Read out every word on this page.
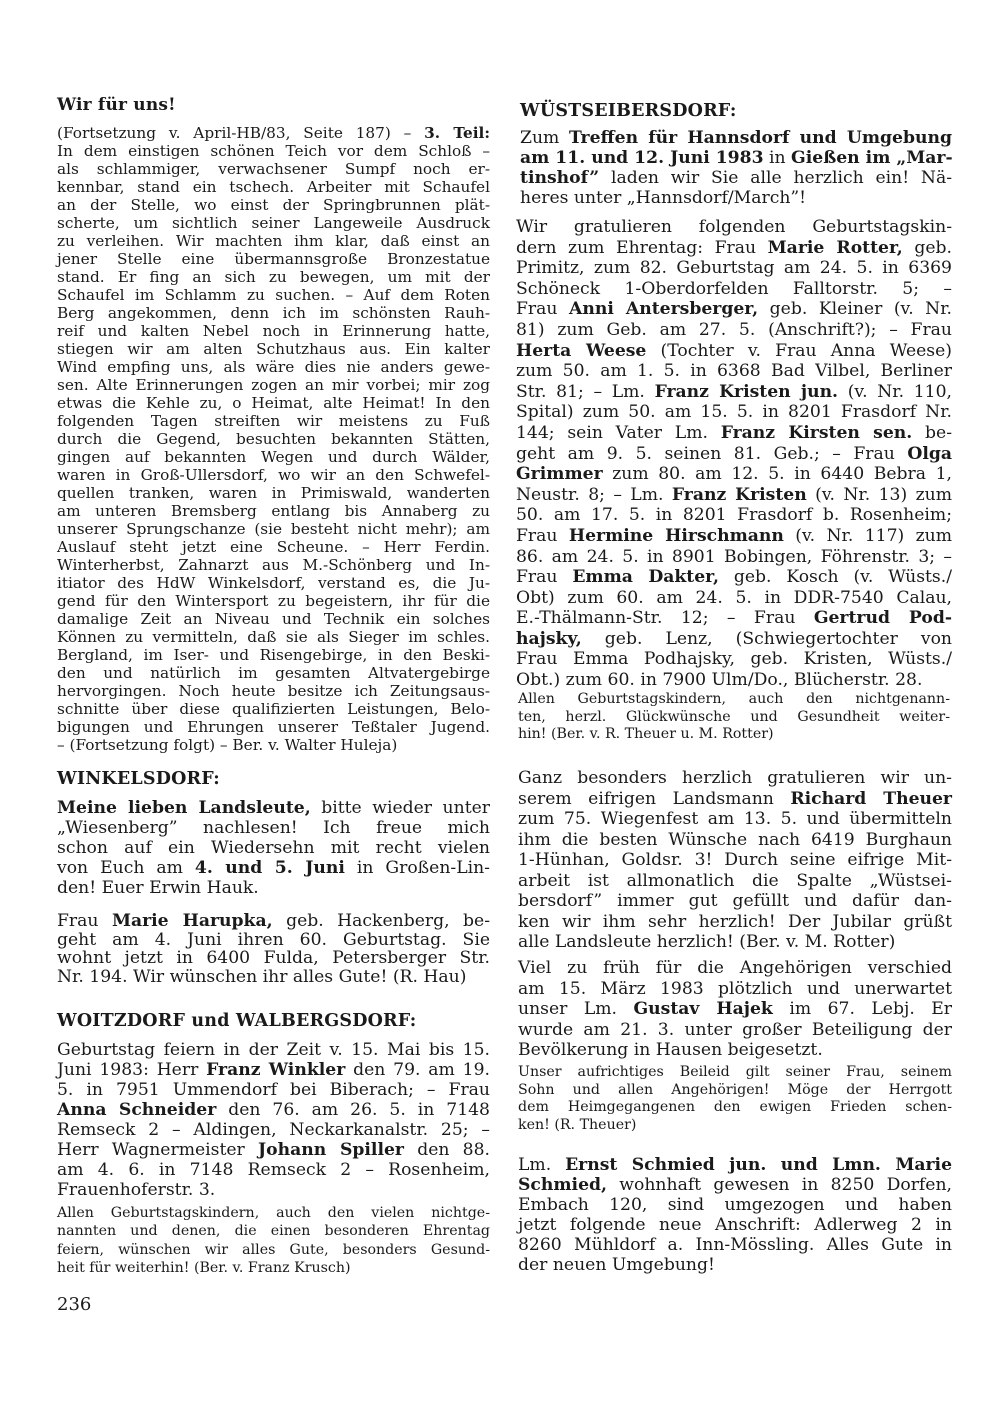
Wir für uns!
(Fortsetzung v. April-HB/83, Seite 187) – 3. Teil:
In dem einstigen schönen Teich vor dem Schloß –
als schlammiger, verwachsener Sumpf noch er-
kennbar, stand ein tschech. Arbeiter mit Schaufel
an der Stelle, wo einst der Springbrunnen plät-
scherte, um sichtlich seiner Langeweile Ausdruck
zu verleihen. Wir machten ihm klar, daß einst an
jener Stelle eine übermannsgroße Bronzestatue
stand. Er fing an sich zu bewegen, um mit der
Schaufel im Schlamm zu suchen. – Auf dem Roten
Berg angekommen, denn ich im schönsten Rauh-
reif und kalten Nebel noch in Erinnerung hatte,
stiegen wir am alten Schutzhaus aus. Ein kalter
Wind empfing uns, als wäre dies nie anders gewe-
sen. Alte Erinnerungen zogen an mir vorbei; mir zog
etwas die Kehle zu, o Heimat, alte Heimat! In den
folgenden Tagen streiften wir meistens zu Fuß
durch die Gegend, besuchten bekannten Stätten,
gingen auf bekannten Wegen und durch Wälder,
waren in Groß-Ullersdorf, wo wir an den Schwefel-
quellen tranken, waren in Primiswald, wanderten
am unteren Bremsberg entlang bis Annaberg zu
unserer Sprungschanze (sie besteht nicht mehr); am
Auslauf steht jetzt eine Scheune. – Herr Ferdin.
Winterherbst, Zahnarzt aus M.-Schönberg und In-
itiator des HdW Winkelsdorf, verstand es, die Ju-
gend für den Wintersport zu begeistern, ihr für die
damalige Zeit an Niveau und Technik ein solches
Können zu vermitteln, daß sie als Sieger im schles.
Bergland, im Iser- und Risengebirge, in den Beski-
den und natürlich im gesamten Altvatergebirge
hervorgingen. Noch heute besitze ich Zeitungsaus-
schnitte über diese qualifizierten Leistungen, Belo-
bigungen und Ehrungen unserer Teßtaler Jugend.
– (Fortsetzung folgt) – Ber. v. Walter Huleja)
WINKELSDORF:
Meine lieben Landsleute, bitte wieder unter
„Wiesenberg” nachlesen! Ich freue mich
schon auf ein Wiedersehn mit recht vielen
von Euch am 4. und 5. Juni in Großen-Lin-
den! Euer Erwin Hauk.
Frau Marie Harupka, geb. Hackenberg, be-
geht am 4. Juni ihren 60. Geburtstag. Sie
wohnt jetzt in 6400 Fulda, Petersberger Str.
Nr. 194. Wir wünschen ihr alles Gute! (R. Hau)
WOITZDORF und WALBERGSDORF:
Geburtstag feiern in der Zeit v. 15. Mai bis 15.
Juni 1983: Herr Franz Winkler den 79. am 19.
5. in 7951 Ummendorf bei Biberach; – Frau
Anna Schneider den 76. am 26. 5. in 7148
Remseck 2 – Aldingen, Neckarkanalstr. 25; –
Herr Wagnermeister Johann Spiller den 88.
am 4. 6. in 7148 Remseck 2 – Rosenheim,
Frauenhoferstr. 3.
Allen Geburtstagskindern, auch den vielen nichtge-
nannten und denen, die einen besonderen Ehrentag
feiern, wünschen wir alles Gute, besonders Gesund-
heit für weiterhin! (Ber. v. Franz Krusch)
236
WÜSTSEIBERSDORF:
Zum Treffen für Hannsdorf und Umgebung
am 11. und 12. Juni 1983 in Gießen im „Mar-
tinshof” laden wir Sie alle herzlich ein! Nä-
heres unter „Hannsdorf/March”!
Wir gratulieren folgenden Geburtstagskin-
dern zum Ehrentag: Frau Marie Rotter, geb.
Primitz, zum 82. Geburtstag am 24. 5. in 6369
Schöneck 1-Oberdorfelden Falltorstr. 5; –
Frau Anni Antersberger, geb. Kleiner (v. Nr.
81) zum Geb. am 27. 5. (Anschrift?); – Frau
Herta Weese (Tochter v. Frau Anna Weese)
zum 50. am 1. 5. in 6368 Bad Vilbel, Berliner
Str. 81; – Lm. Franz Kristen jun. (v. Nr. 110,
Spital) zum 50. am 15. 5. in 8201 Frasdorf Nr.
144; sein Vater Lm. Franz Kirsten sen. be-
geht am 9. 5. seinen 81. Geb.; – Frau Olga
Grimmer zum 80. am 12. 5. in 6440 Bebra 1,
Neustr. 8; – Lm. Franz Kristen (v. Nr. 13) zum
50. am 17. 5. in 8201 Frasdorf b. Rosenheim;
Frau Hermine Hirschmann (v. Nr. 117) zum
86. am 24. 5. in 8901 Bobingen, Föhrenstr. 3; –
Frau Emma Dakter, geb. Kosch (v. Wüsts./
Obt) zum 60. am 24. 5. in DDR-7540 Calau,
E.-Thälmann-Str. 12; – Frau Gertrud Pod-
hajsky, geb. Lenz, (Schwiegertochter von
Frau Emma Podhajsky, geb. Kristen, Wüsts./
Obt.) zum 60. in 7900 Ulm/Do., Blücherstr. 28.
Allen Geburtstagskindern, auch den nichtgenann-
ten, herzl. Glückwünsche und Gesundheit weiter-
hin! (Ber. v. R. Theuer u. M. Rotter)
Ganz besonders herzlich gratulieren wir un-
serem eifrigen Landsmann Richard Theuer
zum 75. Wiegenfest am 13. 5. und übermitteln
ihm die besten Wünsche nach 6419 Burghaun
1-Hünhan, Goldsr. 3! Durch seine eifrige Mit-
arbeit ist allmonatlich die Spalte „Wüstsei-
bersdorf” immer gut gefüllt und dafür dan-
ken wir ihm sehr herzlich! Der Jubilar grüßt
alle Landsleute herzlich! (Ber. v. M. Rotter)
Viel zu früh für die Angehörigen verschied
am 15. März 1983 plötzlich und unerwartet
unser Lm. Gustav Hajek im 67. Lebj. Er
wurde am 21. 3. unter großer Beteiligung der
Bevölkerung in Hausen beigesetzt.
Unser aufrichtiges Beileid gilt seiner Frau, seinem
Sohn und allen Angehörigen! Möge der Herrgott
dem Heimgegangenen den ewigen Frieden schen-
ken! (R. Theuer)
Lm. Ernst Schmied jun. und Lmn. Marie
Schmied, wohnhaft gewesen in 8250 Dorfen,
Embach 120, sind umgezogen und haben
jetzt folgende neue Anschrift: Adlerweg 2 in
8260 Mühldorf a. Inn-Mössling. Alles Gute in
der neuen Umgebung!
